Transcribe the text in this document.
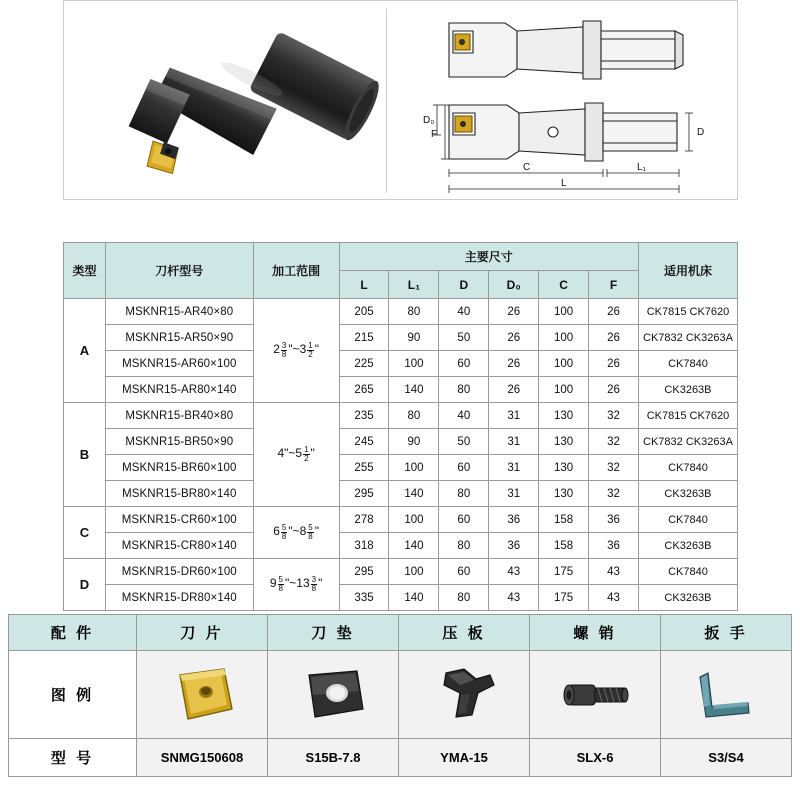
D₀
F	D
C	L₁
L
类型	刀杆型号	加工范围	主要尺寸						适用机床
			L	L₁	D	D₀	C	F	
A	MSKNR15-AR40×80	$2 \frac{3}{8}$ "~3 $\frac{1}{2}$ "	205	80	40	26	100	26	CK7815 CK7620
	MSKNR15-AR50×90		215	90	50	26	100	26	CK7832 CK3263A
	MSKNR15-AR60×100		225	100	60	26	100	26	CK7840
	MSKNR15-AR80×140		265	140	80	26	100	26	CK3263B
B	MSKNR15-BR40×80	4"~5 $\frac{1}{2}$ "	235	80	40	31	130	32	CK7815 CK7620
	MSKNR15-BR50×90		245	90	50	31	130	32	CK7832 CK3263A
	MSKNR15-BR60×100		255	100	60	31	130	32	CK7840
	MSKNR15-BR80×140		295	140	80	31	130	32	CK3263B
C	MSKNR15-CR60×100	$6 \frac{5}{8}$ "~8 $\frac{5}{8}$ "	278	100	60	36	158	36	CK7840
	MSKNR15-CR80×140		318	140	80	36	158	36	CK3263B
D	MSKNR15-DR60×100	$9 \frac{5}{8}$ "~13 $\frac{3}{8}$ "	295	100	60	43	175	43	CK7840
	MSKNR15-DR80×140		335	140	80	43	175	43	CK3263B
配 件	刀 片	刀 垫	压 板	螺 销	扳 手
图 例	

型 号	SNMG150608	S15B-7.8	YMA-15	SLX-6	S3/S4
